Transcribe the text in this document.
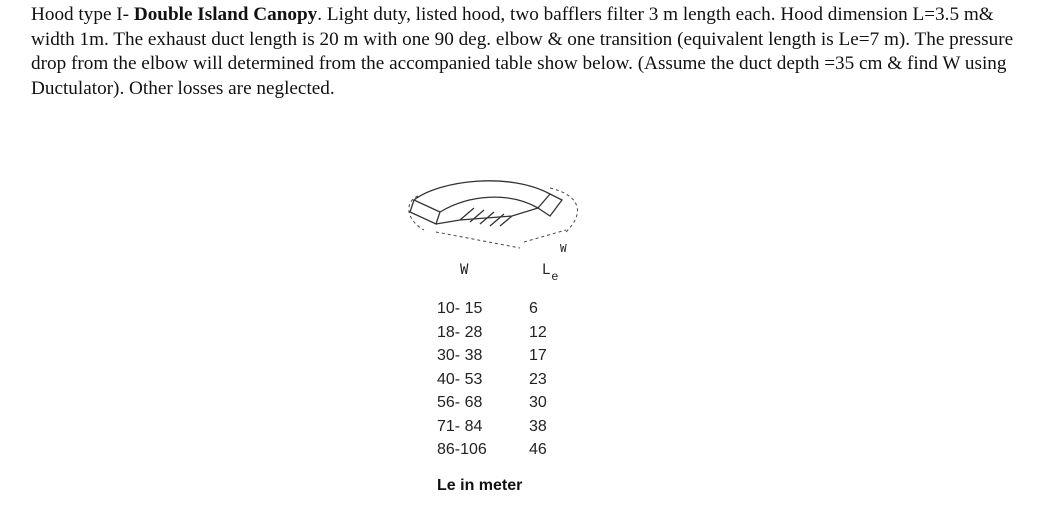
Hood type I- Double Island Canopy. Light duty, listed hood, two bafflers filter 3 m length each. Hood dimension L=3.5 m& width 1m. The exhaust duct length is 20 m with one 90 deg. elbow & one transition (equivalent length is Le=7 m). The pressure drop from the elbow will determined from the accompanied table show below. (Assume the duct depth =35 cm & find W using Ductulator). Other losses are neglected.

W
W	$L_e$
10- 15	6
18- 28	12
30- 38	17
40- 53	23
56- 68	30
71- 84	38
86-106	46
Le in meter
